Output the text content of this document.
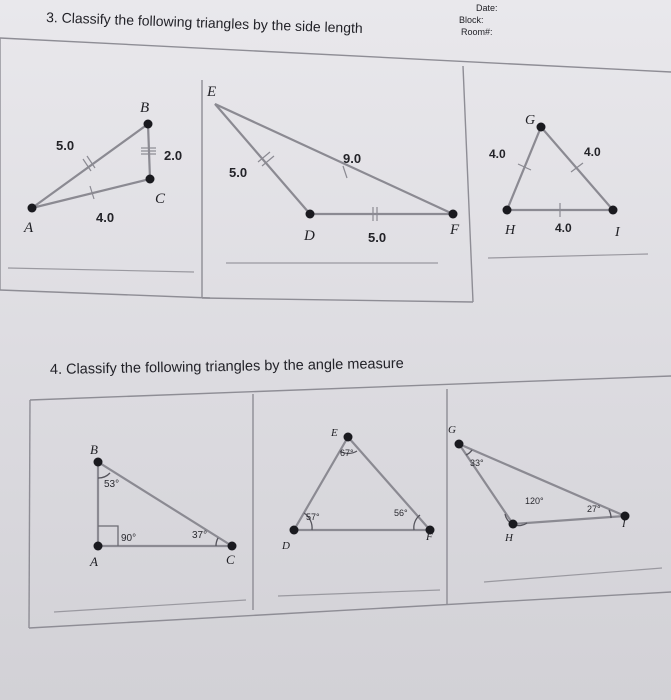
Date:
Block:
Room#:
3. Classify the following triangles by the side length
A
B
C
5.0
2.0
4.0
E
D	F
5.0
9.0
5.0
G
H	I
4.0	4.0
4.0
4. Classify the following triangles by the angle measure
B
A	C
53°
90°	37°
E
D
F
67°
57°	56°
G
H
I
33°
120°
27°
